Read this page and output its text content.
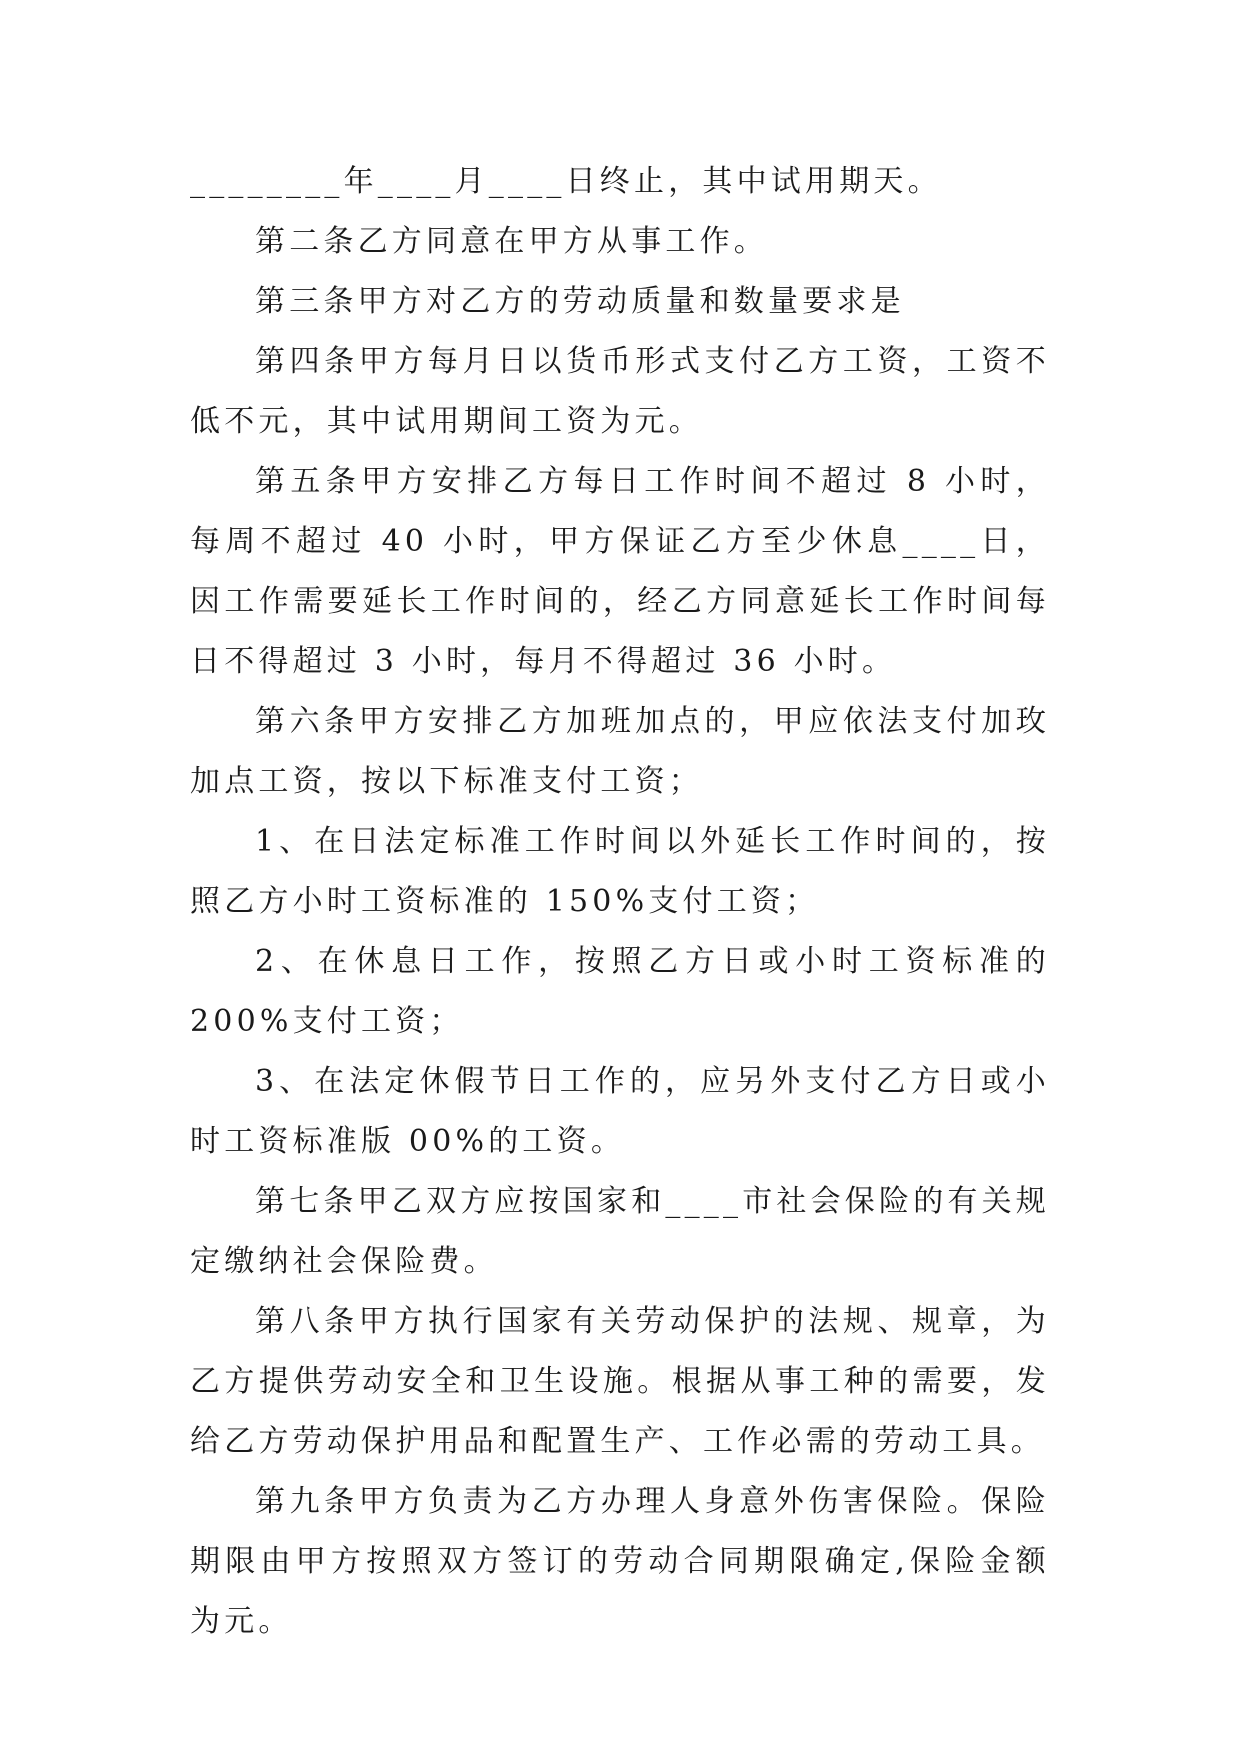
________年____月____日终止，其中试用期天。

第二条乙方同意在甲方从事工作。

第三条甲方对乙方的劳动质量和数量要求是

第四条甲方每月日以货币形式支付乙方工资，工资不低不元，其中试用期间工资为元。

第五条甲方安排乙方每日工作时间不超过 8 小时，每周不超过 40 小时，甲方保证乙方至少休息____日，因工作需要延长工作时间的，经乙方同意延长工作时间每日不得超过 3 小时，每月不得超过 36 小时。

第六条甲方安排乙方加班加点的，甲应依法支付加玫加点工资，按以下标准支付工资；

1、在日法定标准工作时间以外延长工作时间的，按照乙方小时工资标准的 150%支付工资；

2、在休息日工作，按照乙方日或小时工资标准的 200%支付工资；

3、在法定休假节日工作的，应另外支付乙方日或小时工资标准版 00%的工资。

第七条甲乙双方应按国家和____市社会保险的有关规定缴纳社会保险费。

第八条甲方执行国家有关劳动保护的法规、规章，为乙方提供劳动安全和卫生设施。根据从事工种的需要，发给乙方劳动保护用品和配置生产、工作必需的劳动工具。

第九条甲方负责为乙方办理人身意外伤害保险。保险期限由甲方按照双方签订的劳动合同期限确定,保险金额为元。
